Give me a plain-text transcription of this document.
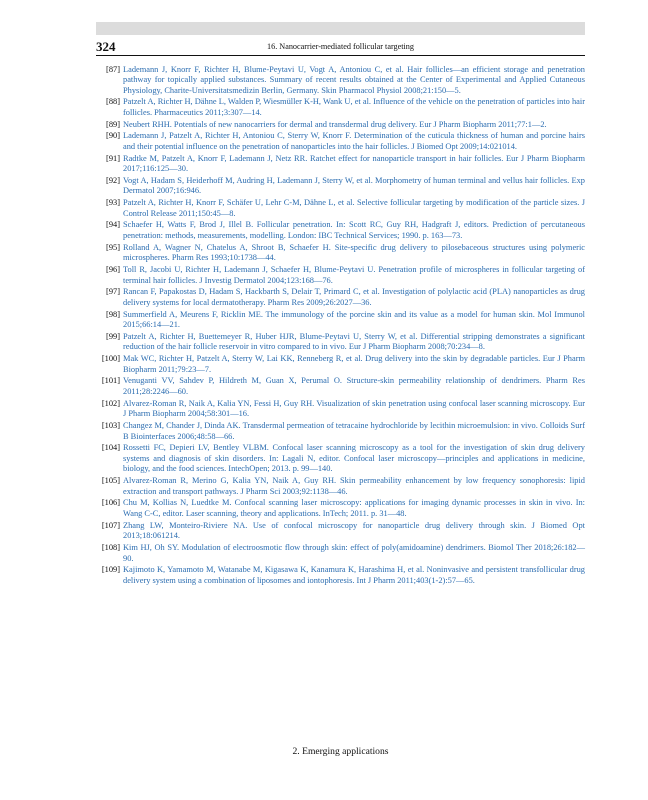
324	16. Nanocarrier-mediated follicular targeting
[87] Lademann J, Knorr F, Richter H, Blume-Peytavi U, Vogt A, Antoniou C, et al. Hair follicles—an efficient storage and penetration pathway for topically applied substances. Summary of recent results obtained at the Center of Experimental and Applied Cutaneous Physiology, Charite-Universitatsmedizin Berlin, Germany. Skin Pharmacol Physiol 2008;21:150—5.
[88] Patzelt A, Richter H, Dähne L, Walden P, Wiesmüller K-H, Wank U, et al. Influence of the vehicle on the penetration of particles into hair follicles. Pharmaceutics 2011;3:307—14.
[89] Neubert RHH. Potentials of new nanocarriers for dermal and transdermal drug delivery. Eur J Pharm Biopharm 2011;77:1—2.
[90] Lademann J, Patzelt A, Richter H, Antoniou C, Sterry W, Knorr F. Determination of the cuticula thickness of human and porcine hairs and their potential influence on the penetration of nanoparticles into the hair follicles. J Biomed Opt 2009;14:021014.
[91] Radtke M, Patzelt A, Knorr F, Lademann J, Netz RR. Ratchet effect for nanoparticle transport in hair follicles. Eur J Pharm Biopharm 2017;116:125—30.
[92] Vogt A, Hadam S, Heiderhoff M, Audring H, Lademann J, Sterry W, et al. Morphometry of human terminal and vellus hair follicles. Exp Dermatol 2007;16:946.
[93] Patzelt A, Richter H, Knorr F, Schäfer U, Lehr C-M, Dähne L, et al. Selective follicular targeting by modification of the particle sizes. J Control Release 2011;150:45—8.
[94] Schaefer H, Watts F, Brod J, Illel B. Follicular penetration. In: Scott RC, Guy RH, Hadgraft J, editors. Prediction of percutaneous penetration: methods, measurements, modelling. London: IBC Technical Services; 1990. p. 163—73.
[95] Rolland A, Wagner N, Chatelus A, Shroot B, Schaefer H. Site-specific drug delivery to pilosebaceous structures using polymeric microspheres. Pharm Res 1993;10:1738—44.
[96] Toll R, Jacobi U, Richter H, Lademann J, Schaefer H, Blume-Peytavi U. Penetration profile of microspheres in follicular targeting of terminal hair follicles. J Investig Dermatol 2004;123:168—76.
[97] Rancan F, Papakostas D, Hadam S, Hackbarth S, Delair T, Primard C, et al. Investigation of polylactic acid (PLA) nanoparticles as drug delivery systems for local dermatotherapy. Pharm Res 2009;26:2027—36.
[98] Summerfield A, Meurens F, Ricklin ME. The immunology of the porcine skin and its value as a model for human skin. Mol Immunol 2015;66:14—21.
[99] Patzelt A, Richter H, Buettemeyer R, Huber HJR, Blume-Peytavi U, Sterry W, et al. Differential stripping demonstrates a significant reduction of the hair follicle reservoir in vitro compared to in vivo. Eur J Pharm Biopharm 2008;70:234—8.
[100] Mak WC, Richter H, Patzelt A, Sterry W, Lai KK, Renneberg R, et al. Drug delivery into the skin by degradable particles. Eur J Pharm Biopharm 2011;79:23—7.
[101] Venuganti VV, Sahdev P, Hildreth M, Guan X, Perumal O. Structure-skin permeability relationship of dendrimers. Pharm Res 2011;28:2246—60.
[102] Alvarez-Roman R, Naik A, Kalia YN, Fessi H, Guy RH. Visualization of skin penetration using confocal laser scanning microscopy. Eur J Pharm Biopharm 2004;58:301—16.
[103] Changez M, Chander J, Dinda AK. Transdermal permeation of tetracaine hydrochloride by lecithin microemulsion: in vivo. Colloids Surf B Biointerfaces 2006;48:58—66.
[104] Rossetti FC, Depieri LV, Bentley VLBM. Confocal laser scanning microscopy as a tool for the investigation of skin drug delivery systems and diagnosis of skin disorders. In: Lagali N, editor. Confocal laser microscopy—principles and applications in medicine, biology, and the food sciences. IntechOpen; 2013. p. 99—140.
[105] Alvarez-Roman R, Merino G, Kalia YN, Naik A, Guy RH. Skin permeability enhancement by low frequency sonophoresis: lipid extraction and transport pathways. J Pharm Sci 2003;92:1138—46.
[106] Chu M, Kollias N, Luedtke M. Confocal scanning laser microscopy: applications for imaging dynamic processes in skin in vivo. In: Wang C-C, editor. Laser scanning, theory and applications. InTech; 2011. p. 31—48.
[107] Zhang LW, Monteiro-Riviere NA. Use of confocal microscopy for nanoparticle drug delivery through skin. J Biomed Opt 2013;18:061214.
[108] Kim HJ, Oh SY. Modulation of electroosmotic flow through skin: effect of poly(amidoamine) dendrimers. Biomol Ther 2018;26:182—90.
[109] Kajimoto K, Yamamoto M, Watanabe M, Kigasawa K, Kanamura K, Harashima H, et al. Noninvasive and persistent transfollicular drug delivery system using a combination of liposomes and iontophoresis. Int J Pharm 2011;403(1-2):57—65.
2. Emerging applications
